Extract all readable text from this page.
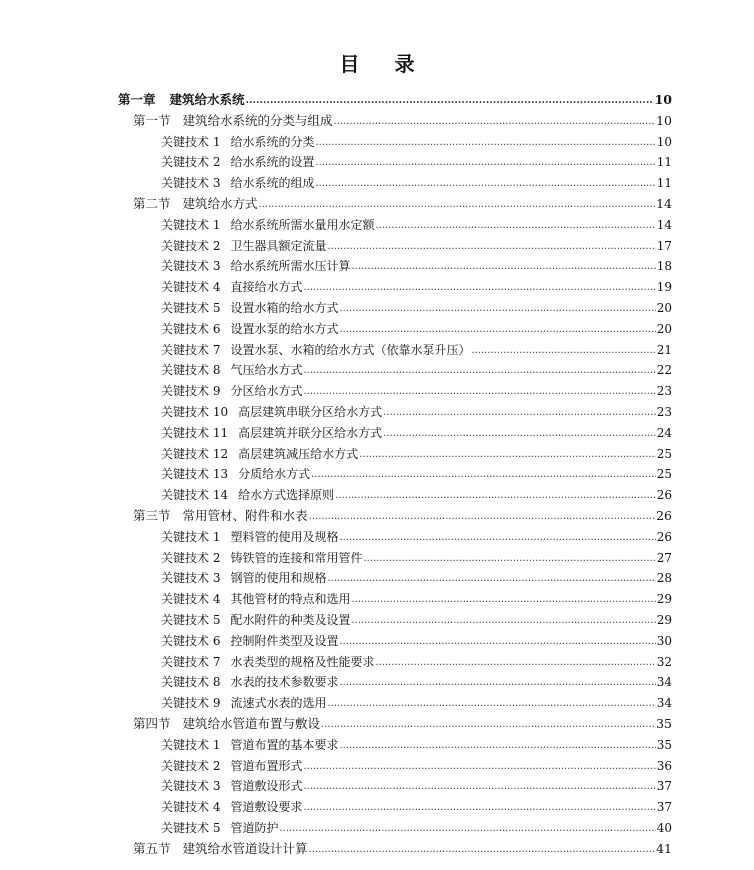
目 录
第一章 建筑给水系统 .....	10
第一节 建筑给水系统的分类与组成 .....	10
关键技术 1 给水系统的分类 .....	10
关键技术 2 给水系统的设置 .....	11
关键技术 3 给水系统的组成 .....	11
第二节 建筑给水方式 .....	14
关键技术 1 给水系统所需水量用水定额 .....	14
关键技术 2 卫生器具额定流量 .....	17
关键技术 3 给水系统所需水压计算 .....	18
关键技术 4 直接给水方式 .....	19
关键技术 5 设置水箱的给水方式 .....	20
关键技术 6 设置水泵的给水方式 .....	20
关键技术 7 设置水泵、水箱的给水方式（依靠水泵升压） .....	21
关键技术 8 气压给水方式 .....	22
关键技术 9 分区给水方式 .....	23
关键技术 10 高层建筑串联分区给水方式 .....	23
关键技术 11 高层建筑并联分区给水方式 .....	24
关键技术 12 高层建筑减压给水方式 .....	25
关键技术 13 分质给水方式 .....	25
关键技术 14 给水方式选择原则 .....	26
第三节 常用管材、附件和水表 .....	26
关键技术 1 塑料管的使用及规格 .....	26
关键技术 2 铸铁管的连接和常用管件 .....	27
关键技术 3 钢管的使用和规格 .....	28
关键技术 4 其他管材的特点和选用 .....	29
关键技术 5 配水附件的种类及设置 .....	29
关键技术 6 控制附件类型及设置 .....	30
关键技术 7 水表类型的规格及性能要求 .....	32
关键技术 8 水表的技术参数要求 .....	34
关键技术 9 流速式水表的选用 .....	34
第四节 建筑给水管道布置与敷设 .....	35
关键技术 1 管道布置的基本要求 .....	35
关键技术 2 管道布置形式 .....	36
关键技术 3 管道敷设形式 .....	37
关键技术 4 管道敷设要求 .....	37
关键技术 5 管道防护 .....	40
第五节 建筑给水管道设计计算 .....	41
